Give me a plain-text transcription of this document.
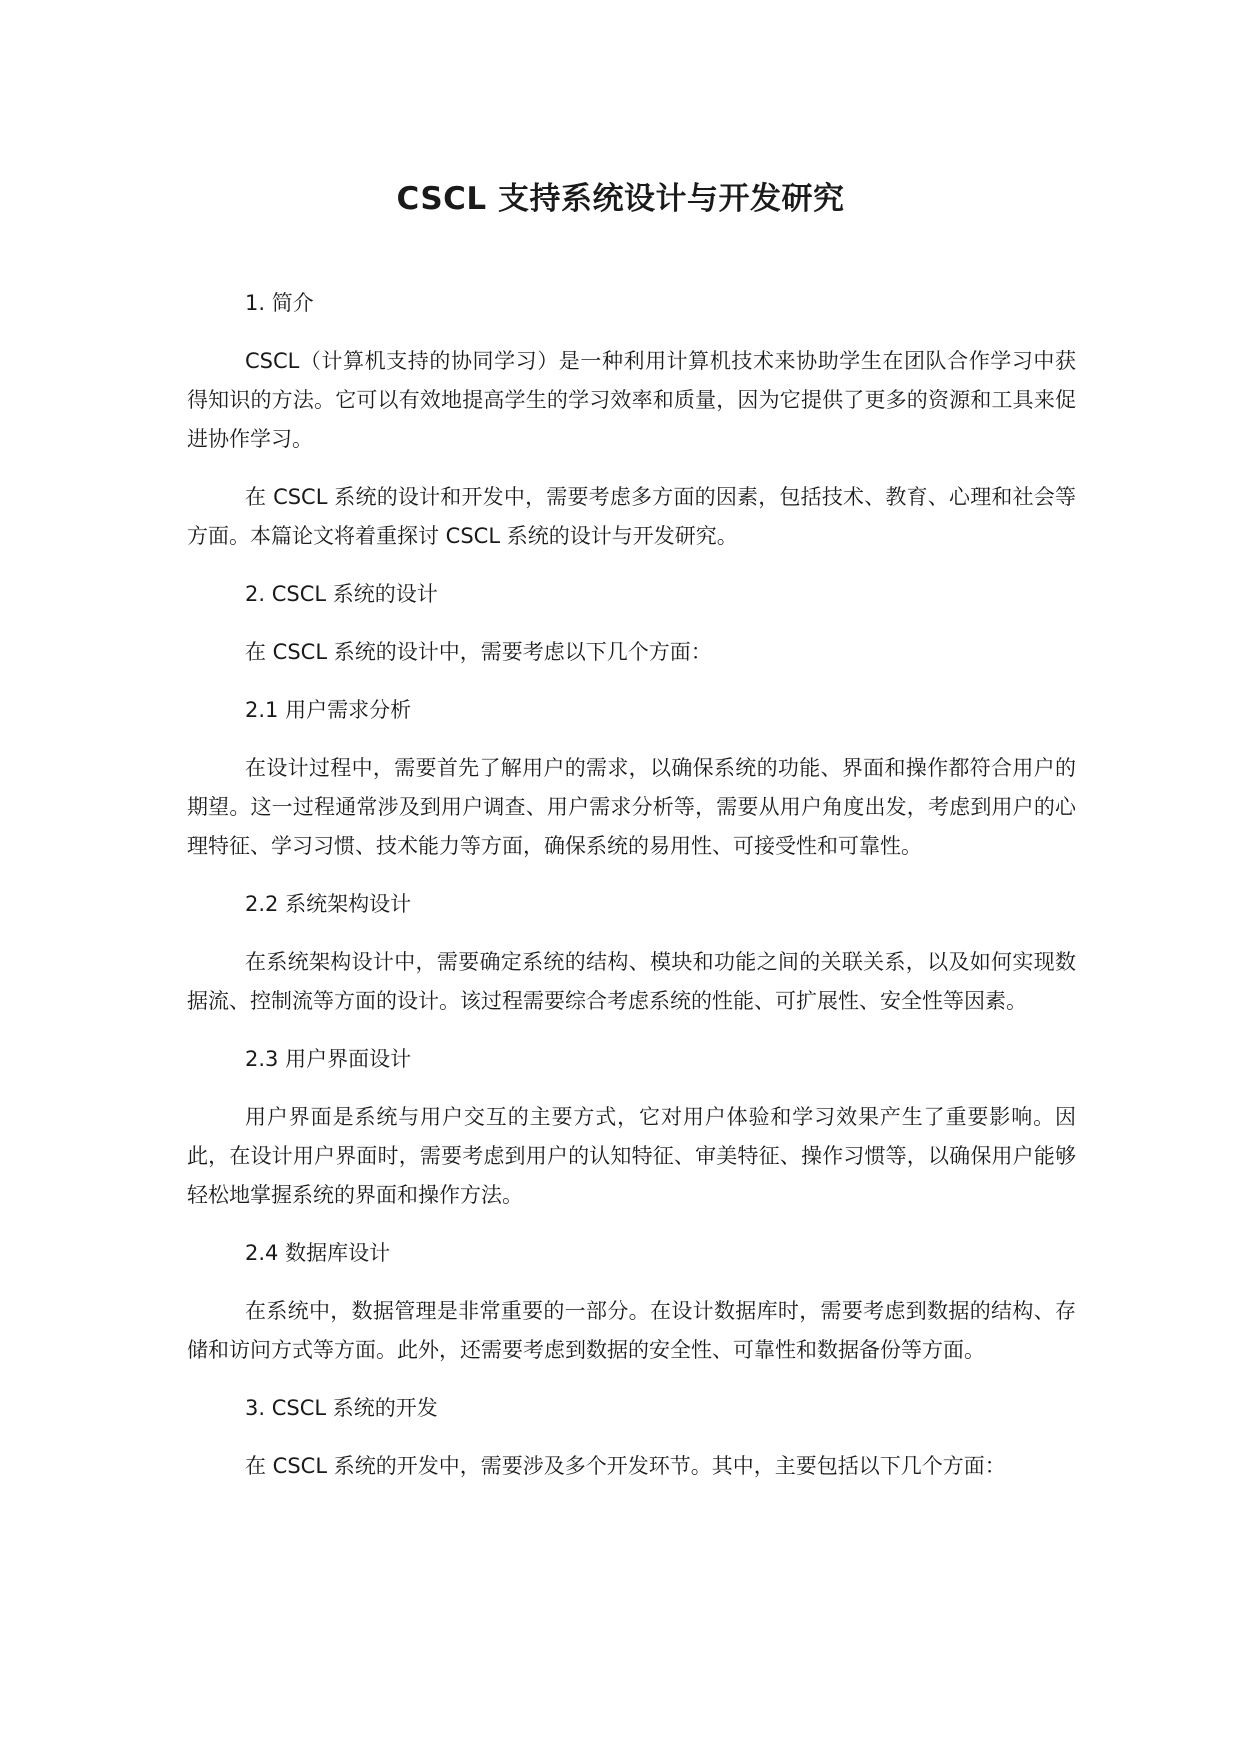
CSCL 支持系统设计与开发研究

1. 简介

CSCL（计算机支持的协同学习）是一种利用计算机技术来协助学生在团队合作学习中获得知识的方法。它可以有效地提高学生的学习效率和质量，因为它提供了更多的资源和工具来促进协作学习。

在 CSCL 系统的设计和开发中，需要考虑多方面的因素，包括技术、教育、心理和社会等方面。本篇论文将着重探讨 CSCL 系统的设计与开发研究。

2. CSCL 系统的设计

在 CSCL 系统的设计中，需要考虑以下几个方面：

2.1 用户需求分析

在设计过程中，需要首先了解用户的需求，以确保系统的功能、界面和操作都符合用户的期望。这一过程通常涉及到用户调查、用户需求分析等，需要从用户角度出发，考虑到用户的心理特征、学习习惯、技术能力等方面，确保系统的易用性、可接受性和可靠性。

2.2 系统架构设计

在系统架构设计中，需要确定系统的结构、模块和功能之间的关联关系，以及如何实现数据流、控制流等方面的设计。该过程需要综合考虑系统的性能、可扩展性、安全性等因素。

2.3 用户界面设计

用户界面是系统与用户交互的主要方式，它对用户体验和学习效果产生了重要影响。因此，在设计用户界面时，需要考虑到用户的认知特征、审美特征、操作习惯等，以确保用户能够轻松地掌握系统的界面和操作方法。

2.4 数据库设计

在系统中，数据管理是非常重要的一部分。在设计数据库时，需要考虑到数据的结构、存储和访问方式等方面。此外，还需要考虑到数据的安全性、可靠性和数据备份等方面。

3. CSCL 系统的开发

在 CSCL 系统的开发中，需要涉及多个开发环节。其中，主要包括以下几个方面：
